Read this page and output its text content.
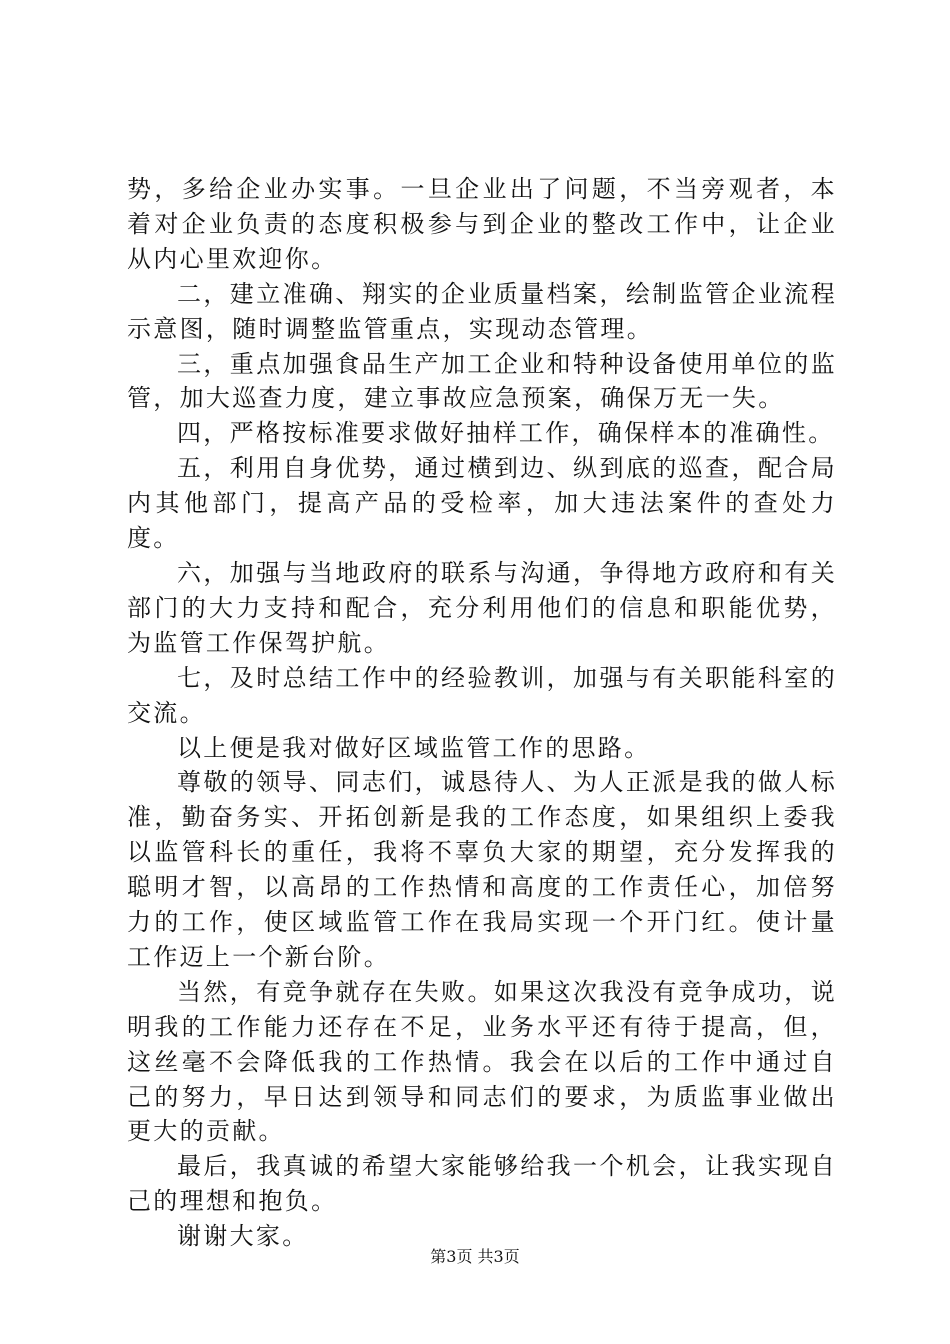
势，多给企业办实事。一旦企业出了问题，不当旁观者，本着对企业负责的态度积极参与到企业的整改工作中，让企业从内心里欢迎你。

二，建立准确、翔实的企业质量档案，绘制监管企业流程示意图，随时调整监管重点，实现动态管理。

三，重点加强食品生产加工企业和特种设备使用单位的监管，加大巡查力度，建立事故应急预案，确保万无一失。

四，严格按标准要求做好抽样工作，确保样本的准确性。

五，利用自身优势，通过横到边、纵到底的巡查，配合局内其他部门，提高产品的受检率，加大违法案件的查处力度。

六，加强与当地政府的联系与沟通，争得地方政府和有关部门的大力支持和配合，充分利用他们的信息和职能优势，为监管工作保驾护航。

七，及时总结工作中的经验教训，加强与有关职能科室的交流。

以上便是我对做好区域监管工作的思路。

尊敬的领导、同志们，诚恳待人、为人正派是我的做人标准，勤奋务实、开拓创新是我的工作态度，如果组织上委我以监管科长的重任，我将不辜负大家的期望，充分发挥我的聪明才智，以高昂的工作热情和高度的工作责任心，加倍努力的工作，使区域监管工作在我局实现一个开门红。使计量工作迈上一个新台阶。

当然，有竞争就存在失败。如果这次我没有竞争成功，说明我的工作能力还存在不足，业务水平还有待于提高，但，这丝毫不会降低我的工作热情。我会在以后的工作中通过自己的努力，早日达到领导和同志们的要求，为质监事业做出更大的贡献。

最后，我真诚的希望大家能够给我一个机会，让我实现自己的理想和抱负。

谢谢大家。

第3页 共3页
